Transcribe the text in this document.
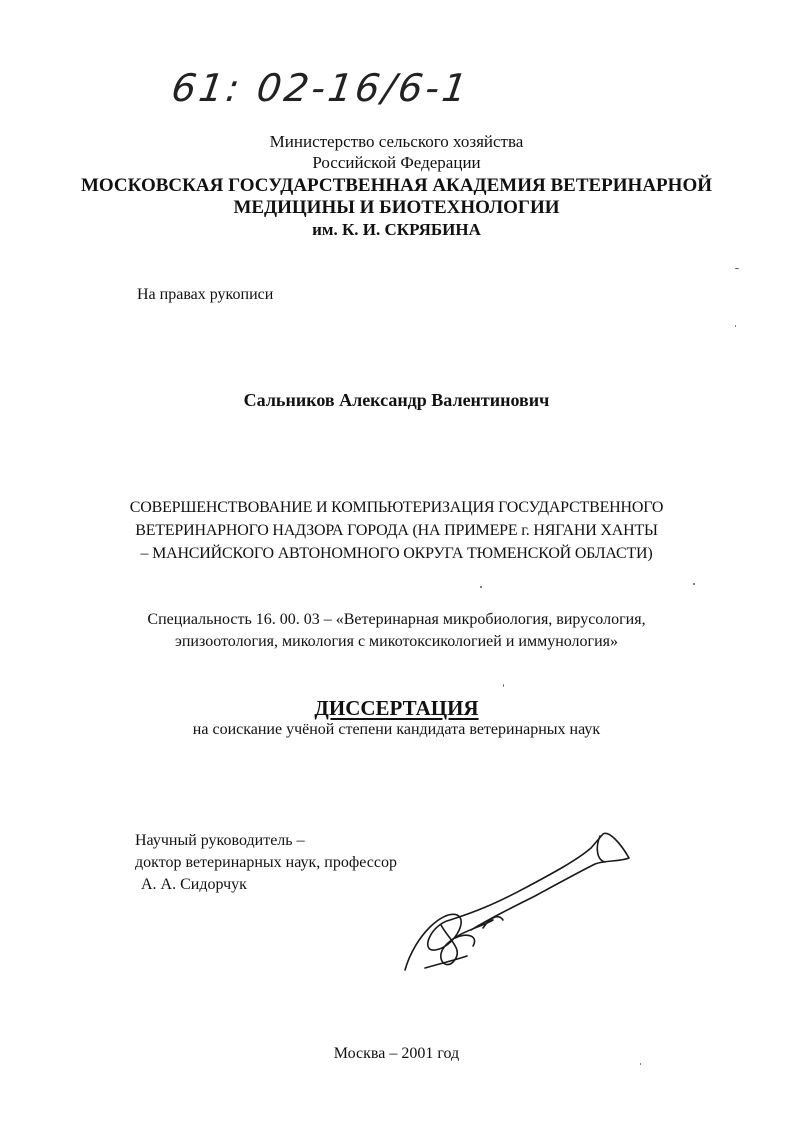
61: 02-16/6-1
Министерство сельского хозяйства
Российской Федерации
МОСКОВСКАЯ ГОСУДАРСТВЕННАЯ АКАДЕМИЯ ВЕТЕРИНАРНОЙ
МЕДИЦИНЫ И БИОТЕХНОЛОГИИ
им. К. И. СКРЯБИНА
На правах рукописи
Сальников Александр Валентинович
СОВЕРШЕНСТВОВАНИЕ И КОМПЬЮТЕРИЗАЦИЯ ГОСУДАРСТВЕННОГО
ВЕТЕРИНАРНОГО НАДЗОРА ГОРОДА (НА ПРИМЕРЕ г. НЯГАНИ ХАНТЫ
– МАНСИЙСКОГО АВТОНОМНОГО ОКРУГА ТЮМЕНСКОЙ ОБЛАСТИ)
Специальность 16. 00. 03 – «Ветеринарная микробиология, вирусология,
эпизоотология, микология с микотоксикологией и иммунология»
ДИССЕРТАЦИЯ
на соискание учёной степени кандидата ветеринарных наук
Научный руководитель –
доктор ветеринарных наук, профессор
А. А. Сидорчук
Москва – 2001 год
